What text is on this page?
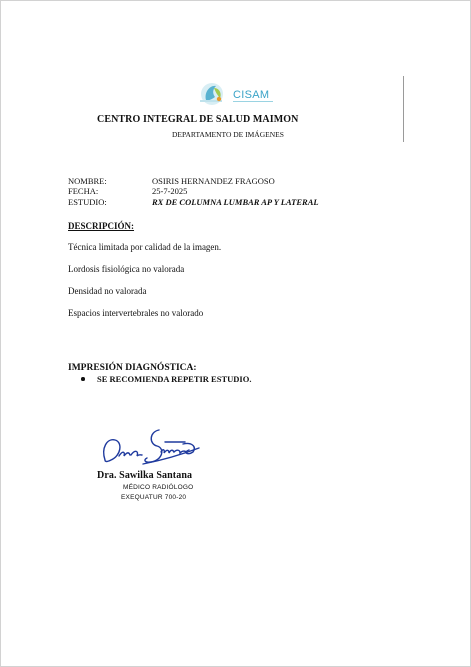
CISAM
CENTRO INTEGRAL DE SALUD MAIMON
DEPARTAMENTO DE IMÁGENES
NOMBRE:	OSIRIS HERNANDEZ FRAGOSO
FECHA:	25-7-2025
ESTUDIO:	RX DE COLUMNA LUMBAR AP Y LATERAL
DESCRIPCIÓN:
Técnica limitada por calidad de la imagen.
Lordosis fisiológica no valorada
Densidad no valorada
Espacios intervertebrales no valorado
IMPRESIÓN DIAGNÓSTICA:
SE RECOMIENDA REPETIR ESTUDIO.
Dra. Sawilka Santana
MÉDICO RADIÓLOGO
EXEQUATUR 700-20
